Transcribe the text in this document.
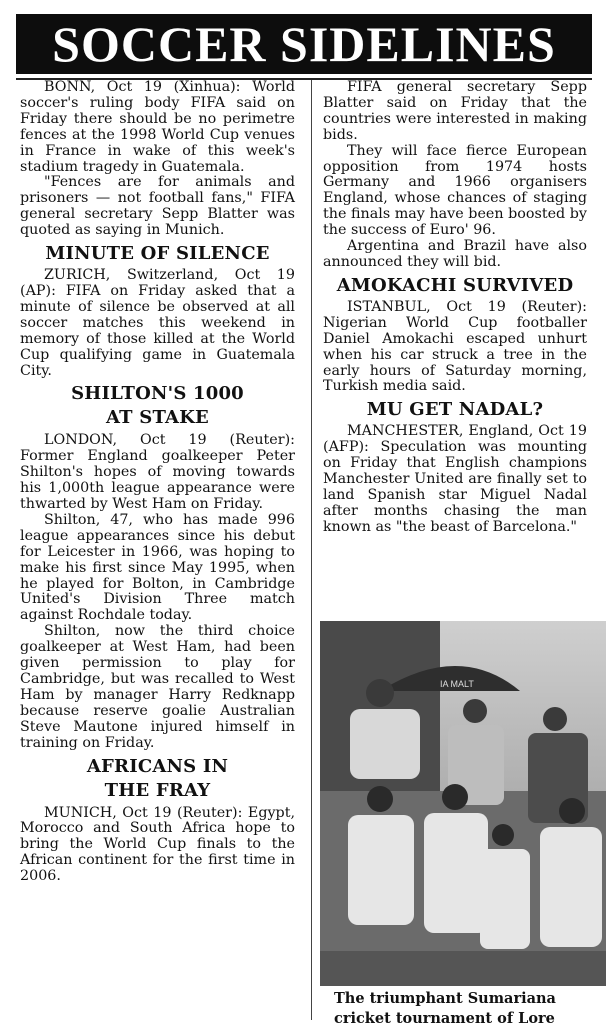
SOCCER SIDELINES

BONN, Oct 19 (Xinhua): World soccer's ruling body FIFA said on Friday there should be no perimetre fences at the 1998 World Cup venues in France in wake of this week's stadium tragedy in Guatemala.

"Fences are for animals and prisoners — not football fans," FIFA general secretary Sepp Blatter was quoted as saying in Munich.

MINUTE OF SILENCE

ZURICH, Switzerland, Oct 19 (AP): FIFA on Friday asked that a minute of silence be observed at all soccer matches this weekend in memory of those killed at the World Cup qualifying game in Guatemala City.

SHILTON'S 1000 AT STAKE

LONDON, Oct 19 (Reuter): Former England goalkeeper Peter Shilton's hopes of moving towards his 1,000th league appearance were thwarted by West Ham on Friday.

Shilton, 47, who has made 996 league appearances since his debut for Leicester in 1966, was hoping to make his first since May 1995, when he played for Bolton, in Cambridge United's Division Three match against Rochdale today.

Shilton, now the third choice goalkeeper at West Ham, had been given permission to play for Cambridge, but was recalled to West Ham by manager Harry Redknapp because reserve goalie Australian Steve Mautone injured himself in training on Friday.

AFRICANS IN THE FRAY

MUNICH, Oct 19 (Reuter): Egypt, Morocco and South Africa hope to bring the World Cup finals to the African continent for the first time in 2006.

FIFA general secretary Sepp Blatter said on Friday that the countries were interested in making bids.

They will face fierce European opposition from 1974 hosts Germany and 1966 organisers England, whose chances of staging the finals may have been boosted by the success of Euro' 96.

Argentina and Brazil have also announced they will bid.

AMOKACHI SURVIVED

ISTANBUL, Oct 19 (Reuter): Nigerian World Cup footballer Daniel Amokachi escaped unhurt when his car struck a tree in the early hours of Saturday morning, Turkish media said.

MU GET NADAL?

MANCHESTER, England, Oct 19 (AFP): Speculation was mounting on Friday that English champions Manchester United are finally set to land Spanish star Miguel Nadal after months chasing the man known as "the beast of Barcelona."

IA MALT
The triumphant Sumariana
cricket tournament of Lore
